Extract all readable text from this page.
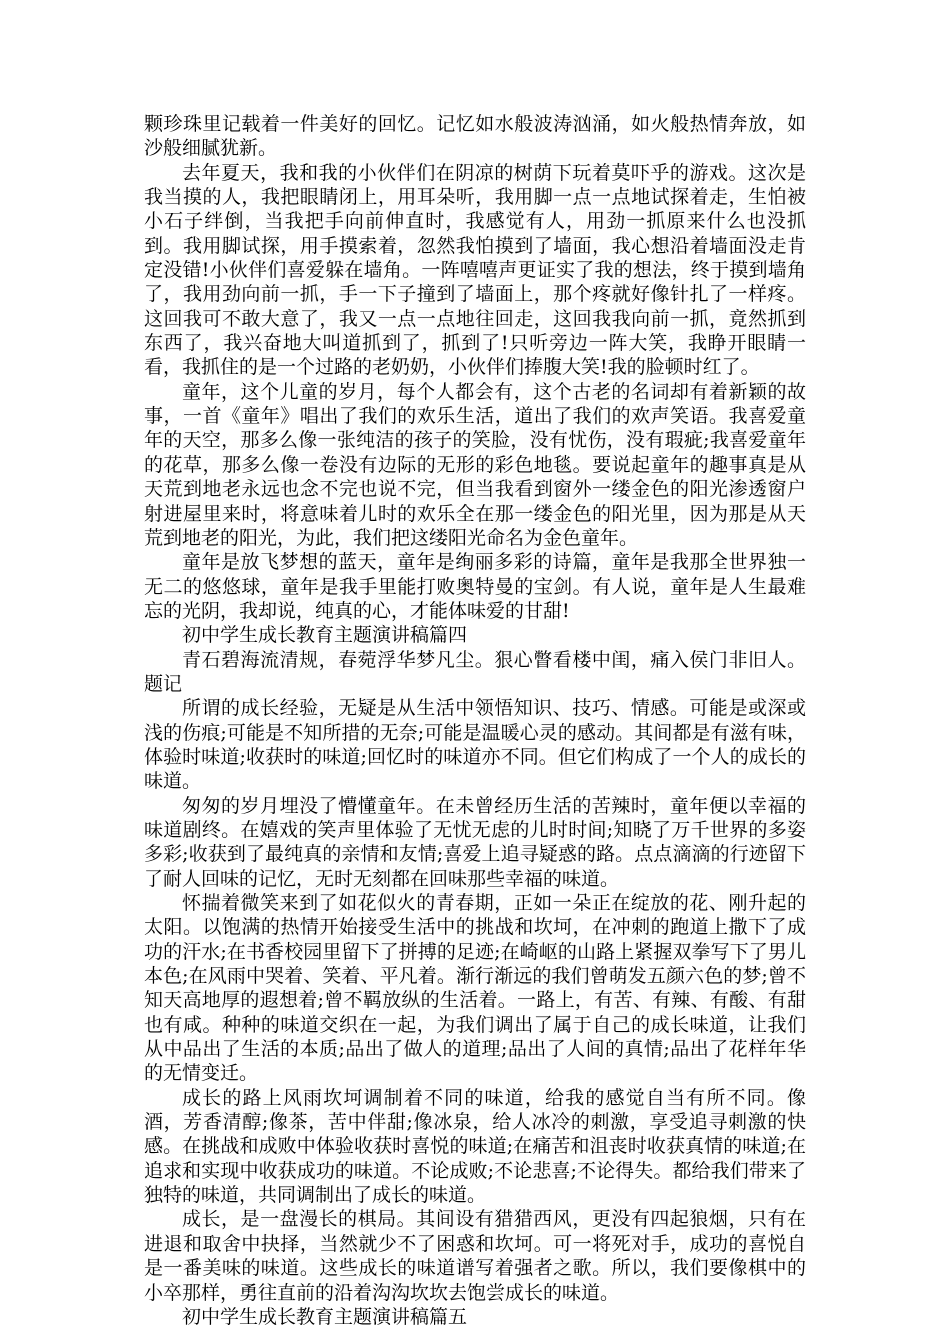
颗珍珠里记载着一件美好的回忆。记忆如水般波涛汹涌，如火般热情奔放，如沙般细腻犹新。

去年夏天，我和我的小伙伴们在阴凉的树荫下玩着莫吓乎的游戏。这次是我当摸的人，我把眼睛闭上，用耳朵听，我用脚一点一点地试探着走，生怕被小石子绊倒，当我把手向前伸直时，我感觉有人，用劲一抓原来什么也没抓到。我用脚试探，用手摸索着，忽然我怕摸到了墙面，我心想沿着墙面没走肯定没错!小伙伴们喜爱躲在墙角。一阵嘻嘻声更证实了我的想法，终于摸到墙角了，我用劲向前一抓，手一下子撞到了墙面上，那个疼就好像针扎了一样疼。这回我可不敢大意了，我又一点一点地往回走，这回我我向前一抓，竟然抓到东西了，我兴奋地大叫道抓到了，抓到了!只听旁边一阵大笑，我睁开眼睛一看，我抓住的是一个过路的老奶奶，小伙伴们捧腹大笑!我的脸顿时红了。

童年，这个儿童的岁月，每个人都会有，这个古老的名词却有着新颖的故事，一首《童年》唱出了我们的欢乐生活，道出了我们的欢声笑语。我喜爱童年的天空，那多么像一张纯洁的孩子的笑脸，没有忧伤，没有瑕疵;我喜爱童年的花草，那多么像一卷没有边际的无形的彩色地毯。要说起童年的趣事真是从天荒到地老永远也念不完也说不完，但当我看到窗外一缕金色的阳光渗透窗户射进屋里来时，将意味着儿时的欢乐全在那一缕金色的阳光里，因为那是从天荒到地老的阳光，为此，我们把这缕阳光命名为金色童年。

童年是放飞梦想的蓝天，童年是绚丽多彩的诗篇，童年是我那全世界独一无二的悠悠球，童年是我手里能打败奥特曼的宝剑。有人说，童年是人生最难忘的光阴，我却说，纯真的心，才能体味爱的甘甜!

初中学生成长教育主题演讲稿篇四

青石碧海流清规，春菀浮华梦凡尘。狠心瞥看楼中闺，痛入侯门非旧人。题记

所谓的成长经验，无疑是从生活中领悟知识、技巧、情感。可能是或深或浅的伤痕;可能是不知所措的无奈;可能是温暖心灵的感动。其间都是有滋有味，体验时味道;收获时的味道;回忆时的味道亦不同。但它们构成了一个人的成长的味道。

匆匆的岁月埋没了懵懂童年。在未曾经历生活的苦辣时，童年便以幸福的味道剧终。在嬉戏的笑声里体验了无忧无虑的儿时时间;知晓了万千世界的多姿多彩;收获到了最纯真的亲情和友情;喜爱上追寻疑惑的路。点点滴滴的行迹留下了耐人回味的记忆，无时无刻都在回味那些幸福的味道。

怀揣着微笑来到了如花似火的青春期，正如一朵正在绽放的花、刚升起的太阳。以饱满的热情开始接受生活中的挑战和坎坷，在冲刺的跑道上撒下了成功的汗水;在书香校园里留下了拼搏的足迹;在崎岖的山路上紧握双拳写下了男儿本色;在风雨中哭着、笑着、平凡着。渐行渐远的我们曾萌发五颜六色的梦;曾不知天高地厚的遐想着;曾不羁放纵的生活着。一路上，有苦、有辣、有酸、有甜也有咸。种种的味道交织在一起，为我们调出了属于自己的成长味道，让我们从中品出了生活的本质;品出了做人的道理;品出了人间的真情;品出了花样年华的无情变迁。

成长的路上风雨坎坷调制着不同的味道，给我的感觉自当有所不同。像酒，芳香清醇;像茶，苦中伴甜;像冰泉，给人冰冷的刺激，享受追寻刺激的快感。在挑战和成败中体验收获时喜悦的味道;在痛苦和沮丧时收获真情的味道;在追求和实现中收获成功的味道。不论成败;不论悲喜;不论得失。都给我们带来了独特的味道，共同调制出了成长的味道。

成长，是一盘漫长的棋局。其间设有猎猎西风，更没有四起狼烟，只有在进退和取舍中抉择，当然就少不了困惑和坎坷。可一将死对手，成功的喜悦自是一番美味的味道。这些成长的味道谱写着强者之歌。所以，我们要像棋中的小卒那样，勇往直前的沿着沟沟坎坎去饱尝成长的味道。

初中学生成长教育主题演讲稿篇五
